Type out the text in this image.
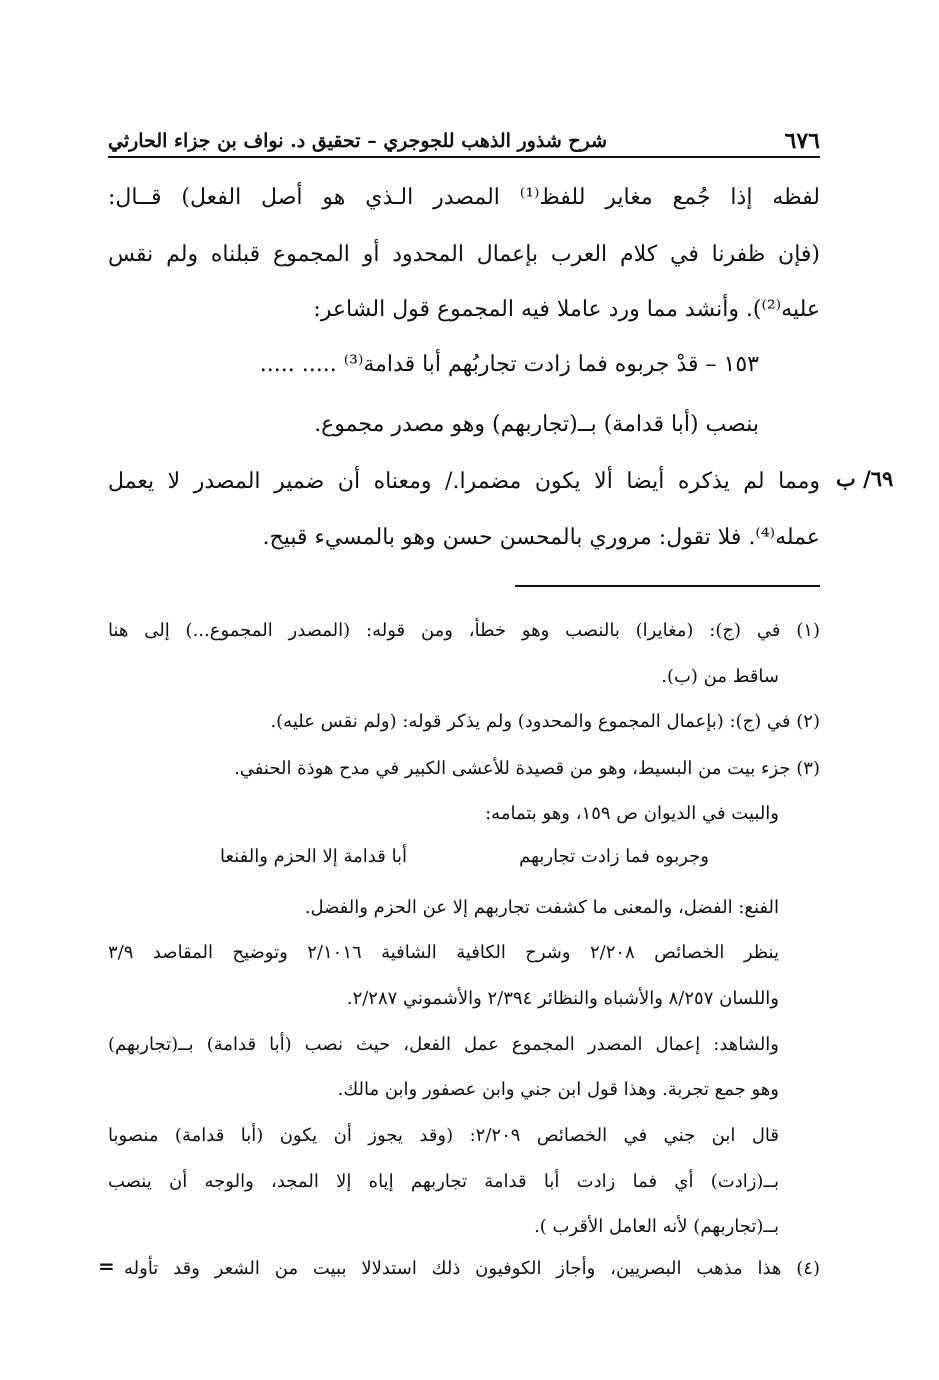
٦٧٦
شرح شذور الذهب للجوجري – تحقيق د. نواف بن جزاء الحارثي
لفظه إذا جُمع مغاير للفظ⁽¹⁾ المصدر الـذي هو أصل الفعل) قــال:
(فإن ظفرنا في كلام العرب بإعمال المحدود أو المجموع قبلناه ولم نقس
عليه⁽²⁾). وأنشد مما ورد عاملا فيه المجموع قول الشاعر:
١٥٣ – قدْ جربوه فما زادت تجاربُهم أبا قدامة⁽³⁾ ..... .....
بنصب (أبا قدامة) بــ(تجاربهم) وهو مصدر مجموع.
ومما لم يذكره أيضا ألا يكون مضمرا./ ومعناه أن ضمير المصدر لا يعمل
عمله⁽⁴⁾. فلا تقول: مروري بالمحسن حسن وهو بالمسيء قبيح.
٦٩/ ب
(١) في (ج): (مغايرا) بالنصب وهو خطأ، ومن قوله: (المصدر المجموع...) إلى هنا
ساقط من (ب).
(٢) في (ج): (بإعمال المجموع والمحدود) ولم يذكر قوله: (ولم نقس عليه).
(٣) جزء بيت من البسيط، وهو من قصيدة للأعشى الكبير في مدح هوذة الحنفي.
والبيت في الديوان ص ١٥٩، وهو بتمامه:
وجربوه فما زادت تجاربهم
أبا قدامة إلا الحزم والفنعا
الفنع: الفضل، والمعنى ما كشفت تجاربهم إلا عن الحزم والفضل.
ينظر الخصائص ٢/٢٠٨ وشرح الكافية الشافية ٢/١٠١٦ وتوضيح المقاصد ٣/٩
واللسان ٨/٢٥٧ والأشباه والنظائر ٢/٣٩٤ والأشموني ٢/٢٨٧.
والشاهد: إعمال المصدر المجموع عمل الفعل، حيث نصب (أبا قدامة) بــ(تجاربهم)
وهو جمع تجربة. وهذا قول ابن جني وابن عصفور وابن مالك.
قال ابن جني في الخصائص ٢/٢٠٩: (وقد يجوز أن يكون (أبا قدامة) منصوبا
بــ(زادت) أي فما زادت أبا قدامة تجاربهم إياه إلا المجد، والوجه أن ينصب
بــ(تجاربهم) لأنه العامل الأقرب ).
(٤) هذا مذهب البصريين، وأجاز الكوفيون ذلك استدلالا ببيت من الشعر وقد تأوله
=
